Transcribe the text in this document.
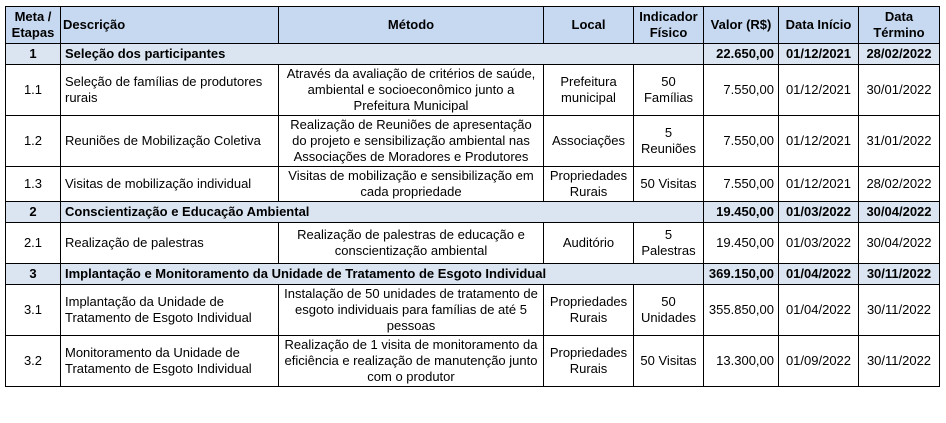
Meta / Etapas	Descrição	Método	Local	Indicador Físico	Valor (R$)	Data Início	Data Término
1	Seleção dos participantes				22.650,00	01/12/2021	28/02/2022
1.1	Seleção de famílias de produtores rurais	Através da avaliação de critérios de saúde, ambiental e socioeconômico junto a Prefeitura Municipal	Prefeitura municipal	50 Famílias	7.550,00	01/12/2021	30/01/2022
1.2	Reuniões de Mobilização Coletiva	Realização de Reuniões de apresentação do projeto e sensibilização ambiental nas Associações de Moradores e Produtores	Associações	5 Reuniões	7.550,00	01/12/2021	31/01/2022
1.3	Visitas de mobilização individual	Visitas de mobilização e sensibilização em cada propriedade	Propriedades Rurais	50 Visitas	7.550,00	01/12/2021	28/02/2022
2	Conscientização e Educação Ambiental				19.450,00	01/03/2022	30/04/2022
2.1	Realização de palestras	Realização de palestras de educação e conscientização ambiental	Auditório	5 Palestras	19.450,00	01/03/2022	30/04/2022
3	Implantação e Monitoramento da Unidade de Tratamento de Esgoto Individual				369.150,00	01/04/2022	30/11/2022
3.1	Implantação da Unidade de Tratamento de Esgoto Individual	Instalação de 50 unidades de tratamento de esgoto individuais para famílias de até 5 pessoas	Propriedades Rurais	50 Unidades	355.850,00	01/04/2022	30/11/2022
3.2	Monitoramento da Unidade de Tratamento de Esgoto Individual	Realização de 1 visita de monitoramento da eficiência e realização de manutenção junto com o produtor	Propriedades Rurais	50 Visitas	13.300,00	01/09/2022	30/11/2022
